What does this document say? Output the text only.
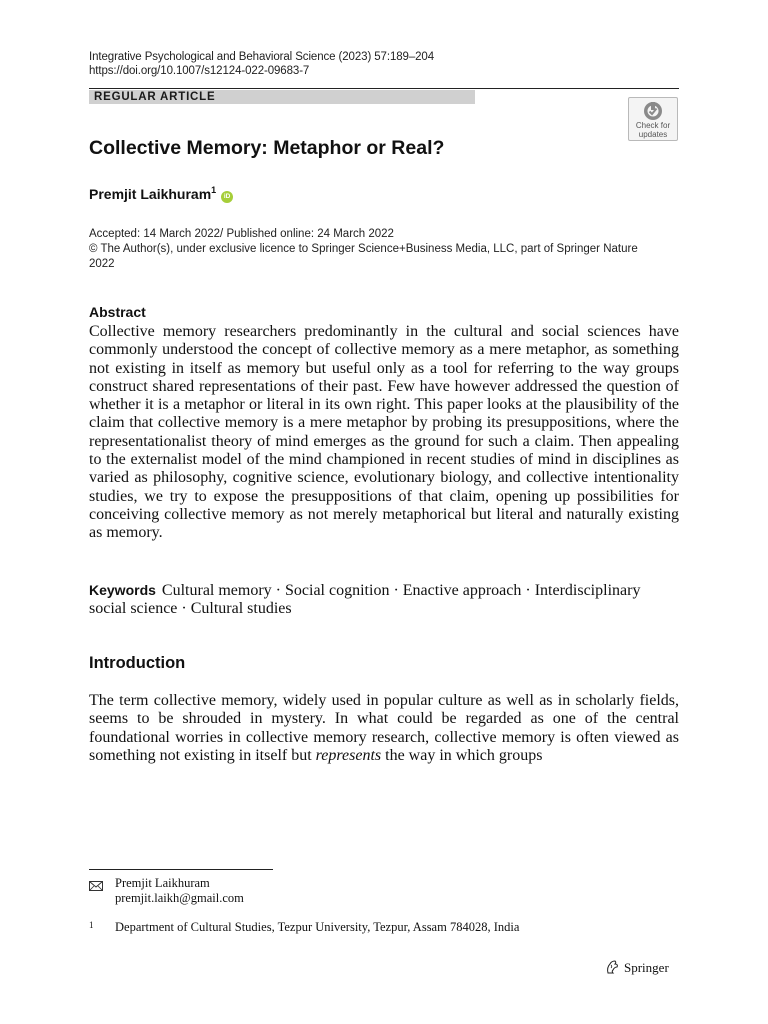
Integrative Psychological and Behavioral Science (2023) 57:189–204
https://doi.org/10.1007/s12124-022-09683-7
REGULAR ARTICLE
Check for
updates
Collective Memory: Metaphor or Real?
Premjit Laikhuram$^1$ iD
Accepted: 14 March 2022/ Published online: 24 March 2022
© The Author(s), under exclusive licence to Springer Science+Business Media, LLC, part of Springer Nature
2022
Abstract
Collective memory researchers predominantly in the cultural and social sciences have commonly understood the concept of collective memory as a mere metaphor, as something not existing in itself as memory but useful only as a tool for referring to the way groups construct shared representations of their past. Few have however addressed the question of whether it is a metaphor or literal in its own right. This paper looks at the plausibility of the claim that collective memory is a mere metaphor by probing its presuppositions, where the representationalist theory of mind emerges as the ground for such a claim. Then appealing to the externalist model of the mind championed in recent studies of mind in disciplines as varied as philosophy, cognitive science, evolutionary biology, and collective intentionality studies, we try to expose the presuppositions of that claim, opening up possibilities for conceiving collective memory as not merely metaphorical but literal and naturally existing as memory.
Keywords Cultural memory · Social cognition · Enactive approach · Interdisciplinary social science · Cultural studies
Introduction
The term collective memory, widely used in popular culture as well as in scholarly fields, seems to be shrouded in mystery. In what could be regarded as one of the central foundational worries in collective memory research, collective memory is often viewed as something not existing in itself but represents the way in which groups
Premjit Laikhuram
premjit.laikh@gmail.com
1 Department of Cultural Studies, Tezpur University, Tezpur, Assam 784028, India
Springer
